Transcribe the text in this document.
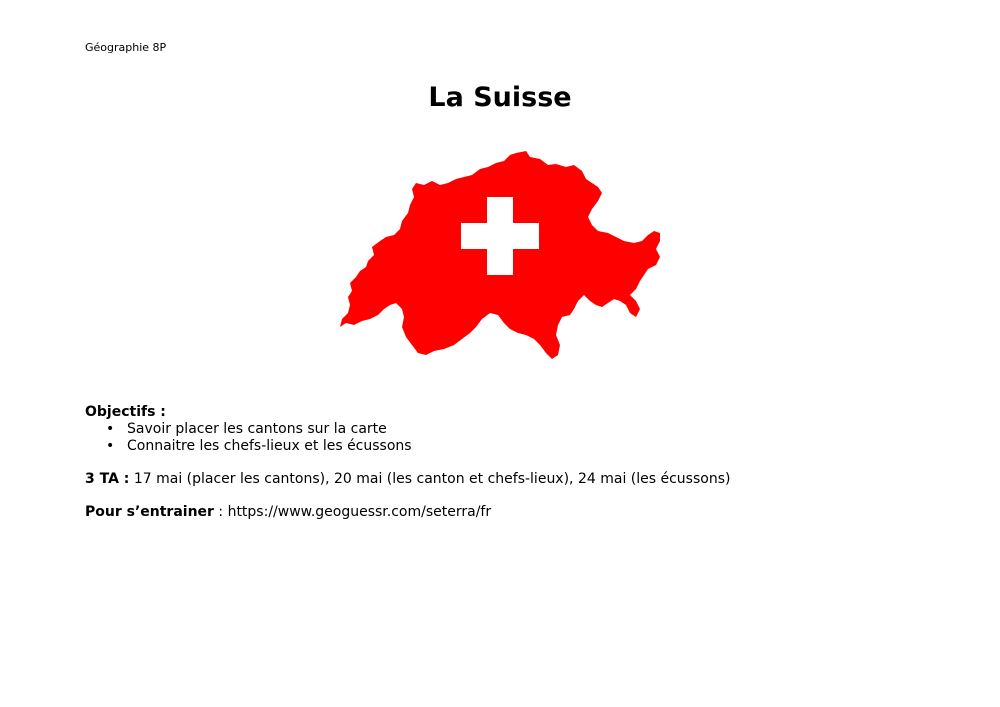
Géographie 8P
La Suisse
Objectifs :
• Savoir placer les cantons sur la carte
• Connaitre les chefs-lieux et les écussons
3 TA : 17 mai (placer les cantons), 20 mai (les canton et chefs-lieux), 24 mai (les écussons)
Pour s’entrainer : https://www.geoguessr.com/seterra/fr
